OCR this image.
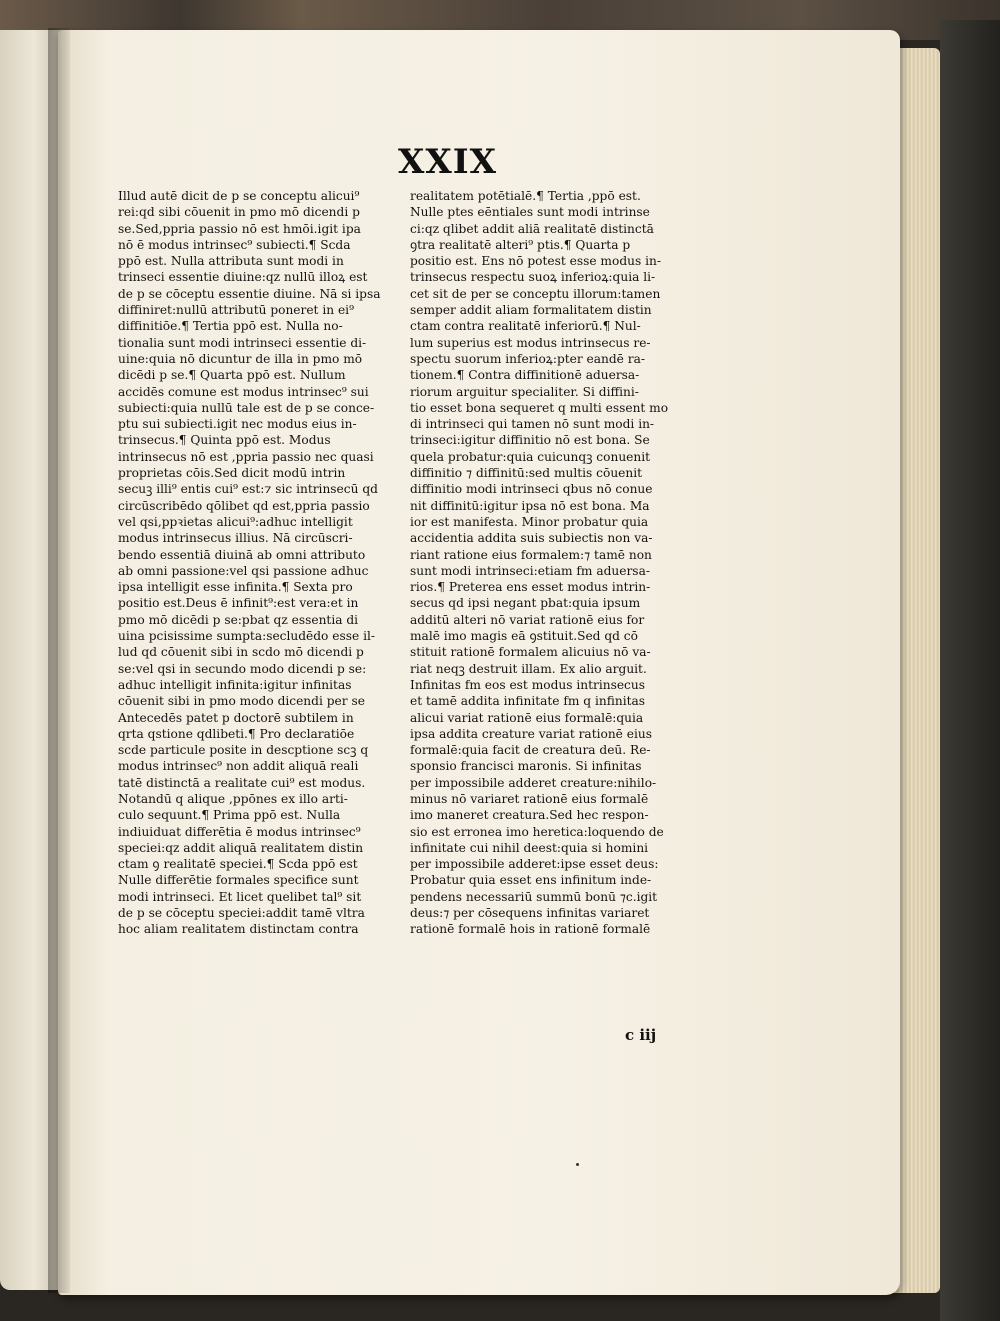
XXIX
Illud autē dicit de p se conceptu alicui⁹
rei:qd sibi cōuenit in pmo mō dicendi p
se.Sed,ppria passio nō est hmōi.igit ipa
nō ē modus intrinsec⁹ subiecti.¶ Scda
ppō est. Nulla attributa sunt modi in
trinseci essentie diuine:qz nullū illoꝝ est
de p se cōceptu essentie diuine. Nā si ipsa
diffiniret:nullū attributū poneret in ei⁹
diffinitiōe.¶ Tertia ppō est. Nulla no-
tionalia sunt modi intrinseci essentie di-
uine:quia nō dicuntur de illa in pmo mō
dicēdi p se.¶ Quarta ppō est. Nullum
accidēs comune est modus intrinsec⁹ sui
subiecti:quia nullū tale est de p se conce-
ptu sui subiecti.igit nec modus eius in-
trinsecus.¶ Quinta ppō est. Modus
intrinsecus nō est ,ppria passio nec quasi
proprietas cōis.Sed dicit modū intrin
secuꝫ illi⁹ entis cui⁹ est:⁊ sic intrinsecū qd
circūscribēdo qōlibet qd est,ppria passio
vel qsi,ppꝛietas alicui⁹:adhuc intelligit
modus intrinsecus illius. Nā circūscri-
bendo essentiā diuinā ab omni attributo
ab omni passione:vel qsi passione adhuc
ipsa intelligit esse infinita.¶ Sexta pro
positio est.Deus ē infinit⁹:est vera:et in
pmo mō dicēdi p se:pbat qz essentia di
uina pcisissime sumpta:secludēdo esse il-
lud qd cōuenit sibi in scdo mō dicendi p
se:vel qsi in secundo modo dicendi p se:
adhuc intelligit infinita:igitur infinitas
cōuenit sibi in pmo modo dicendi per se
Antecedēs patet p doctorē subtilem in
qrta qstione qdlibeti.¶ Pro declaratiōe
scde particule posite in descptione scꝫ q
modus intrinsec⁹ non addit aliquā reali
tatē distinctā a realitate cui⁹ est modus.
Notandū q alique ,ppōnes ex illo arti-
culo sequunt.¶ Prima ppō est. Nulla
indiuiduat differētia ē modus intrinsec⁹
speciei:qz addit aliquā realitatem distin
ctam ꝯ realitatē speciei.¶ Scda ppō est
Nulle differētie formales specifice sunt
modi intrinseci. Et licet quelibet tal⁹ sit
de p se cōceptu speciei:addit tamē vltra
hoc aliam realitatem distinctam contra
realitatem potētialē.¶ Tertia ,ppō est.
Nulle ptes eēntiales sunt modi intrinse
ci:qz qlibet addit aliā realitatē distinctā
ꝯtra realitatē alteri⁹ ptis.¶ Quarta p
positio est. Ens nō potest esse modus in-
trinsecus respectu suoꝝ inferioꝝ:quia li-
cet sit de per se conceptu illorum:tamen
semper addit aliam formalitatem distin
ctam contra realitatē inferiorū.¶ Nul-
lum superius est modus intrinsecus re-
spectu suorum inferioꝝ:pter eandē ra-
tionem.¶ Contra diffinitionē aduersa-
riorum arguitur specialiter. Si diffini-
tio esset bona sequeret q multi essent mo
di intrinseci qui tamen nō sunt modi in-
trinseci:igitur diffinitio nō est bona. Se
quela probatur:quia cuicunqꝫ conuenit
diffinitio ⁊ diffinitū:sed multis cōuenit
diffinitio modi intrinseci qbus nō conue
nit diffinitū:igitur ipsa nō est bona. Ma
ior est manifesta. Minor probatur quia
accidentia addita suis subiectis non va-
riant ratione eius formalem:⁊ tamē non
sunt modi intrinseci:etiam fm aduersa-
rios.¶ Preterea ens esset modus intrin-
secus qd ipsi negant pbat:quia ipsum
additū alteri nō variat rationē eius for
malē imo magis eā ꝯstituit.Sed qd cō
stituit rationē formalem alicuius nō va-
riat neqꝫ destruit illam. Ex alio arguit.
Infinitas fm eos est modus intrinsecus
et tamē addita infinitate fm q infinitas
alicui variat rationē eius formalē:quia
ipsa addita creature variat rationē eius
formalē:quia facit de creatura deū. Re-
sponsio francisci maronis. Si infinitas
per impossibile adderet creature:nihilo-
minus nō variaret rationē eius formalē
imo maneret creatura.Sed hec respon-
sio est erronea imo heretica:loquendo de
infinitate cui nihil deest:quia si homini
per impossibile adderet:ipse esset deus:
Probatur quia esset ens infinitum inde-
pendens necessariū summū bonū ⁊c.igit
deus:⁊ per cōsequens infinitas variaret
rationē formalē hois in rationē formalē
c iij
